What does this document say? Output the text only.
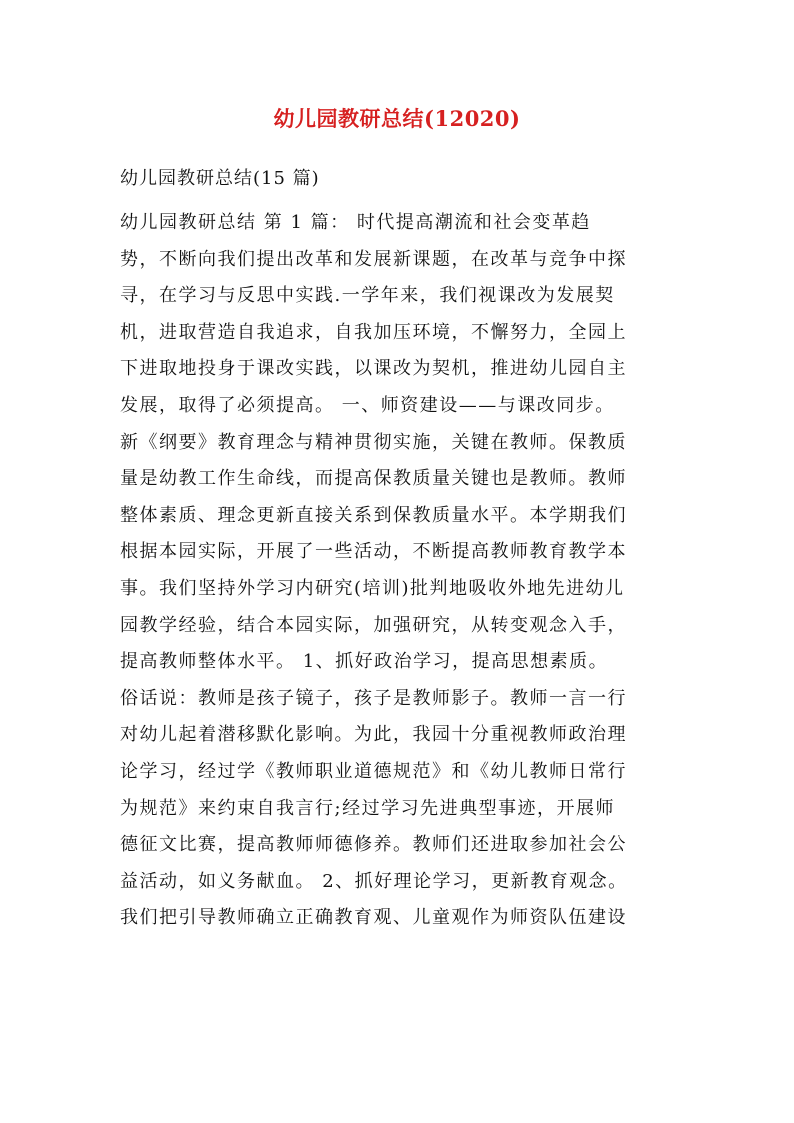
幼儿园教研总结(12020)

幼儿园教研总结(15 篇)

幼儿园教研总结 第 1 篇： 时代提高潮流和社会变革趋
势，不断向我们提出改革和发展新课题，在改革与竞争中探
寻，在学习与反思中实践.一学年来，我们视课改为发展契
机，进取营造自我追求，自我加压环境，不懈努力，全园上
下进取地投身于课改实践，以课改为契机，推进幼儿园自主
发展，取得了必须提高。 一、师资建设——与课改同步。
新《纲要》教育理念与精神贯彻实施，关键在教师。保教质
量是幼教工作生命线，而提高保教质量关键也是教师。教师
整体素质、理念更新直接关系到保教质量水平。本学期我们
根据本园实际，开展了一些活动，不断提高教师教育教学本
事。我们坚持外学习内研究(培训)批判地吸收外地先进幼儿
园教学经验，结合本园实际，加强研究，从转变观念入手，
提高教师整体水平。 1、抓好政治学习，提高思想素质。
俗话说：教师是孩子镜子，孩子是教师影子。教师一言一行
对幼儿起着潜移默化影响。为此，我园十分重视教师政治理
论学习，经过学《教师职业道德规范》和《幼儿教师日常行
为规范》来约束自我言行;经过学习先进典型事迹，开展师
德征文比赛，提高教师师德修养。教师们还进取参加社会公
益活动，如义务献血。 2、抓好理论学习，更新教育观念。
我们把引导教师确立正确教育观、儿童观作为师资队伍建设
